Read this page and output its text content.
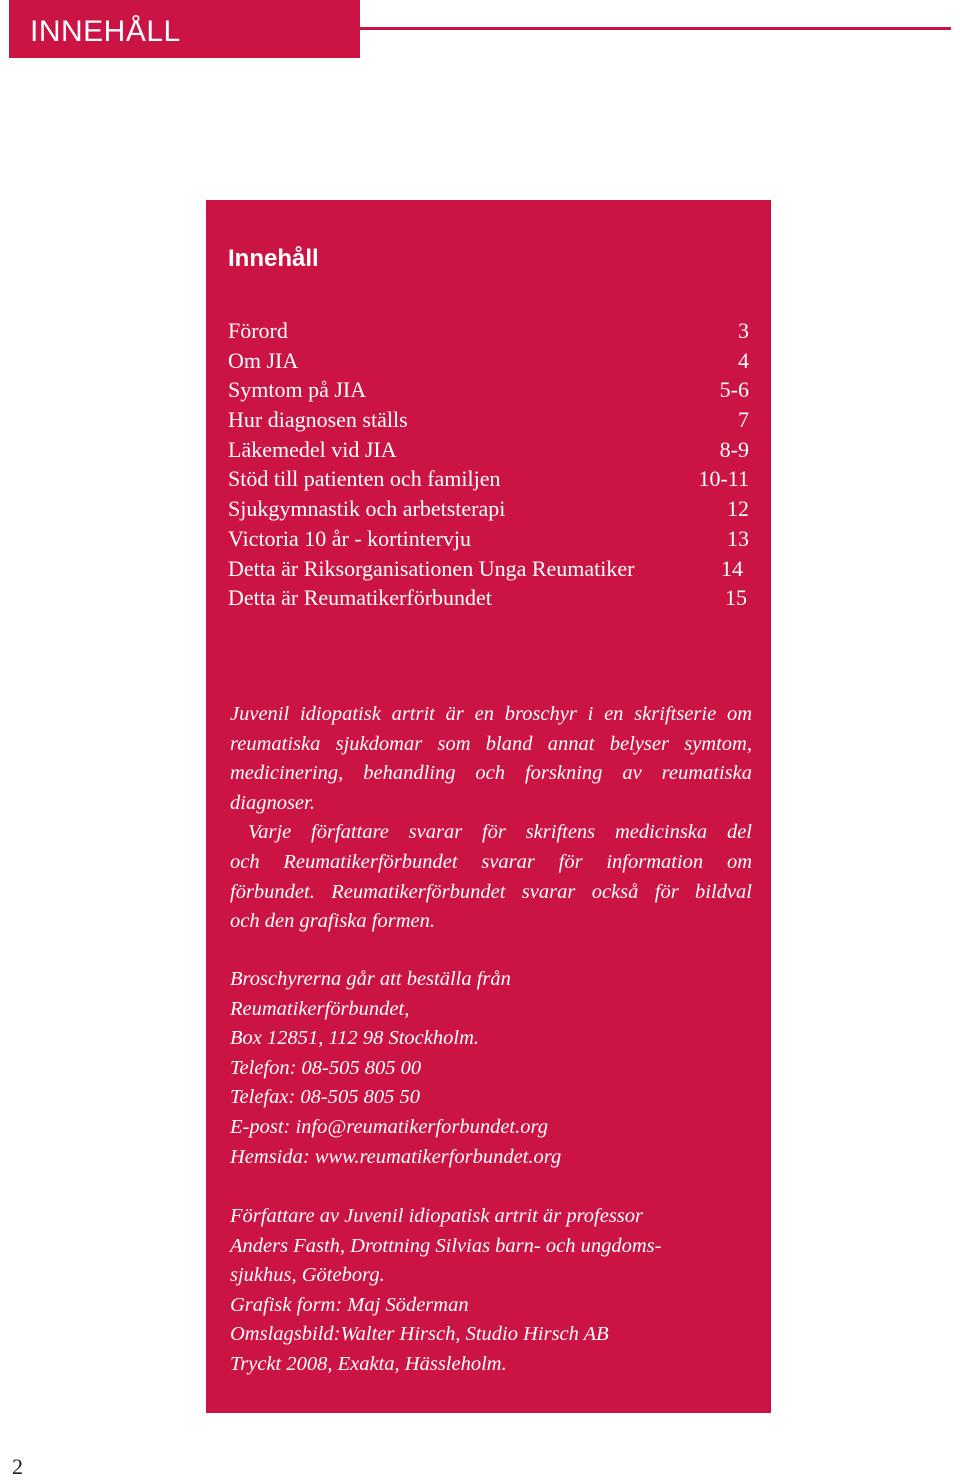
INNEHÅLL
Innehåll
Förord	3
Om JIA	4
Symtom på JIA	5-6
Hur diagnosen ställs	7
Läkemedel vid JIA	8-9
Stöd till patienten och familjen	10-11
Sjukgymnastik och arbetsterapi	12
Victoria 10 år - kortintervju	13
Detta är Riksorganisationen Unga Reumatiker	14
Detta är Reumatikerförbundet	15
Juvenil idiopatisk artrit är en broschyr i en skriftserie om
reumatiska sjukdomar som bland annat belyser symtom,
medicinering, behandling och forskning av reumatiska
diagnoser.
Varje författare svarar för skriftens medicinska del
och Reumatikerförbundet svarar för information om
förbundet. Reumatikerförbundet svarar också för bildval
och den grafiska formen.
Broschyrerna går att beställa från
Reumatikerförbundet,
Box 12851, 112 98 Stockholm.
Telefon: 08-505 805 00
Telefax: 08-505 805 50
E-post: info@reumatikerforbundet.org
Hemsida: www.reumatikerforbundet.org
Författare av Juvenil idiopatisk artrit är professor
Anders Fasth, Drottning Silvias barn- och ungdoms-
sjukhus, Göteborg.
Grafisk form: Maj Söderman
Omslagsbild:Walter Hirsch, Studio Hirsch AB
Tryckt 2008, Exakta, Hässleholm.
2
